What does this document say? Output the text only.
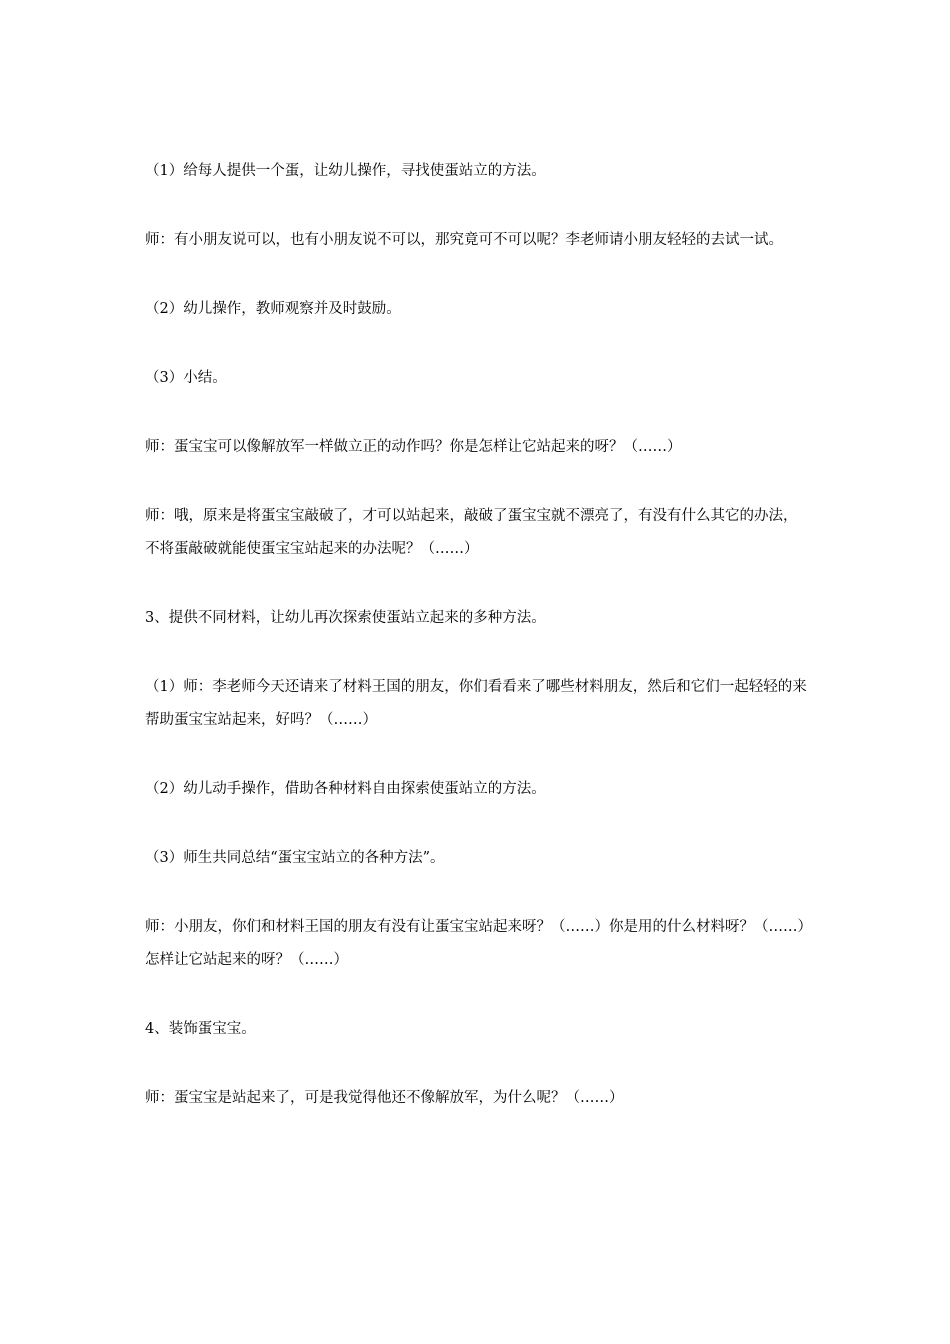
（1）给每人提供一个蛋，让幼儿操作，寻找使蛋站立的方法。

师：有小朋友说可以，也有小朋友说不可以，那究竟可不可以呢？李老师请小朋友轻轻的去试一试。

（2）幼儿操作，教师观察并及时鼓励。

（3）小结。

师：蛋宝宝可以像解放军一样做立正的动作吗？你是怎样让它站起来的呀？（……）

师：哦，原来是将蛋宝宝敲破了，才可以站起来，敲破了蛋宝宝就不漂亮了，有没有什么其它的办法，不将蛋敲破就能使蛋宝宝站起来的办法呢？（……）

3、提供不同材料，让幼儿再次探索使蛋站立起来的多种方法。

（1）师：李老师今天还请来了材料王国的朋友，你们看看来了哪些材料朋友，然后和它们一起轻轻的来帮助蛋宝宝站起来，好吗？（……）

（2）幼儿动手操作，借助各种材料自由探索使蛋站立的方法。

（3）师生共同总结“蛋宝宝站立的各种方法”。

师：小朋友，你们和材料王国的朋友有没有让蛋宝宝站起来呀？（……）你是用的什么材料呀？（……）怎样让它站起来的呀？（……）

4、装饰蛋宝宝。

师：蛋宝宝是站起来了，可是我觉得他还不像解放军，为什么呢？（……）
